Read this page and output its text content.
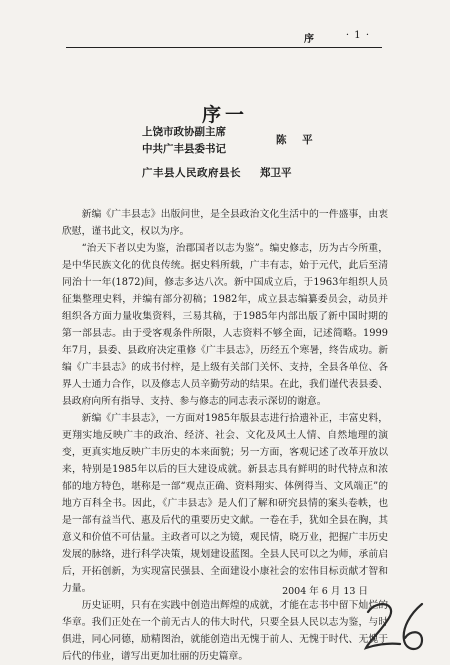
序	· 1 ·
序一
上饶市政协副主席
中共广丰县委书记
陈 平
广丰县人民政府县长 郑卫平

新编《广丰县志》出版问世，是全县政治文化生活中的一件盛事，由衷欣慰，谨书此文，权以为序。

“治天下者以史为鉴，治郡国者以志为鉴”。编史修志，历为古今所重，是中华民族文化的优良传统。据史料所载，广丰有志，始于元代，此后至清同治十一年(1872)间，修志多达八次。新中国成立后，于1963年组织人员征集整理史料，并编有部分初稿；1982年，成立县志编纂委员会，动员并组织各方面力量收集资料，三易其稿，于1985年内部出版了新中国时期的第一部县志。由于受客观条件所限，人志资料不够全面，记述简略。1999年7月，县委、县政府决定重修《广丰县志》，历经五个寒暑，终告成功。新编《广丰县志》的成书付梓，是上级有关部门关怀、支持，全县各单位、各界人士通力合作，以及修志人员辛勤劳动的结果。在此，我们谨代表县委、县政府向所有指导、支持、参与修志的同志表示深切的谢意。

新编《广丰县志》，一方面对1985年版县志进行拾遗补正，丰富史料，更翔实地反映广丰的政治、经济、社会、文化及风土人情、自然地理的演变，更真实地反映广丰历史的本来面貌；另一方面，客观记述了改革开放以来，特别是1985年以后的巨大建设成就。新县志具有鲜明的时代特点和浓郁的地方特色，堪称是一部“观点正确、资料翔实、体例得当、文风端正”的地方百科全书。因此，《广丰县志》是人们了解和研究县情的案头卷帙，也是一部有益当代、惠及后代的重要历史文献。一卷在手，犹如全县在胸，其意义和价值不可估量。主政者可以之为镜，观民情，晓万业，把握广丰历史发展的脉络，进行科学决策，规划建设蓝图。全县人民可以之为师，承前启后，开拓创新，为实现富民强县、全面建设小康社会的宏伟目标贡献才智和力量。

历史证明，只有在实践中创造出辉煌的成就，才能在志书中留下灿烂的华章。我们正处在一个前无古人的伟大时代，只要全县人民以志为鉴，与时俱进，同心同德，励精图治，就能创造出无愧于前人、无愧于时代、无愧于后代的伟业，谱写出更加壮丽的历史篇章。

2004 年 6 月 13 日
